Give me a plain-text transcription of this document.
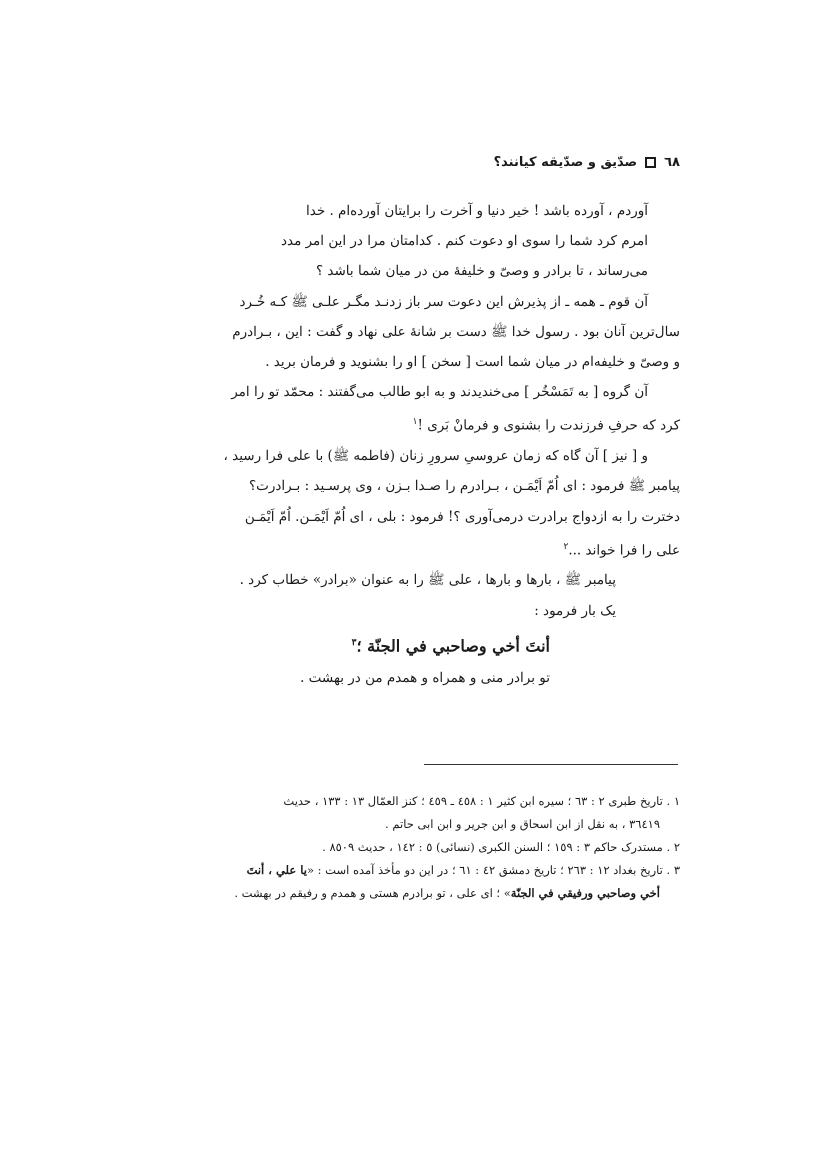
٦٨
صدّیق و صدّیقه کیانند؟

آوردم ، آورده باشد ! خیر دنیا و آخرت را برایتان آورده‌ام . خدا
امرم کرد شما را سوی او دعوت کنم . کدامتان مرا در این امر مدد
می‌رساند ، تا برادر و وصیّ و خلیفهٔ من در میان شما باشد ؟

آن قوم ـ همه ـ از پذیرش این دعوت سر باز زدنـد مگـر علـی ﷺ کـه خُـرد
سال‌ترین آنان بود . رسول خدا ﷺ دست بر شانهٔ علی نهاد و گفت : این ، بـرادرم
و وصیّ و خلیفه‌ام در میان شما است [ سخن ] او را بشنوید و فرمان برید .

آن گروه [ به تَمَسْخُر ] می‌خندیدند و به ابو طالب می‌گفتند : محمّد تو را امر
کرد که حرفِ فرزندت را بشنوی و فرمانْ بَری !$^١$

و [ نیز ] آن گاه که زمان عروسیِ سرورِ زنان (فاطمه ﷺ) با علی فرا رسید ،
پیامبر ﷺ فرمود : ای اُمّ اَیْمَـن ، بـرادرم را صـدا بـزن ، وی پرسـید : بـرادرت؟
دخترت را به ازدواج برادرت درمی‌آوری ؟! فرمود : بلی ، ای اُمّ اَیْمَـن. اُمّ اَیْمَـن
علی را فرا خواند ...$^٢$

پیامبر ﷺ ، بارها و بارها ، علی ﷺ را به عنوان «برادر» خطاب کرد .
یک بار فرمود :

أنتَ أخي وصاحبي في الجنّة ؛$^٣$

تو برادر منی و همراه و همدم من در بهشت .

١ . تاریخ طبری ٢ : ٦٣ ؛ سیره ابن کثیر ١ : ٤٥٨ ـ ٤٥٩ ؛ کنز العمّال ١٣ : ١٣٣ ، حدیث
٣٦٤١٩ ، به نقل از ابن اسحاق و ابن جریر و ابن ابی حاتم .

٢ . مستدرک حاکم ٣ : ١٥٩ ؛ السنن الکبری (نسائی) ٥ : ١٤٢ ، حدیث ٨٥٠٩ .

٣ . تاریخ بغداد ١٢ : ٢٦٣ ؛ تاریخ دمشق ٤٢ : ٦١ ؛ در این دو مأخذ آمده است : «یا علي ، أنتَ
أخي وصاحبي ورفيقي في الجنّة» ؛ ای علی ، تو برادرم هستی و همدم و رفیقم در بهشت .
